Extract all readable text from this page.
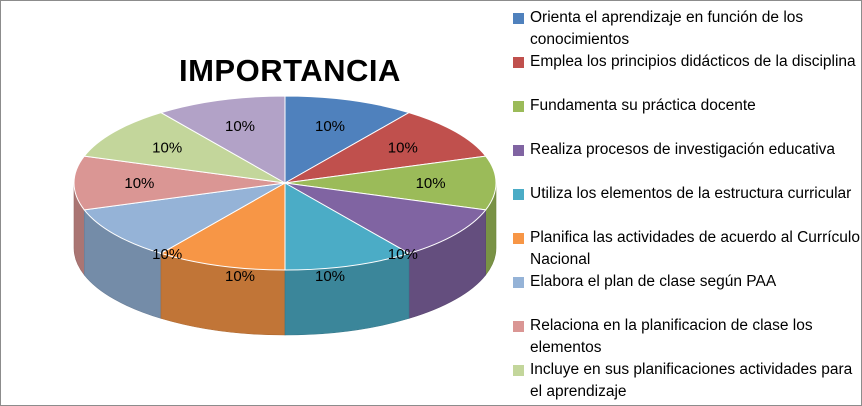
10%
10%
10%
10%
10%
10%
10%
10%
10%
10%
IMPORTANCIA
Orienta el aprendizaje en función de los conocimientos
Emplea los principios didácticos de la disciplina
Fundamenta su práctica docente
Realiza procesos de investigación educativa
Utiliza los elementos de la estructura curricular
Planifica las actividades de acuerdo al Currículo Nacional
Elabora el plan de clase según PAA
Relaciona en la planificacion de clase los elementos
Incluye en sus planificaciones actividades para el aprendizaje
